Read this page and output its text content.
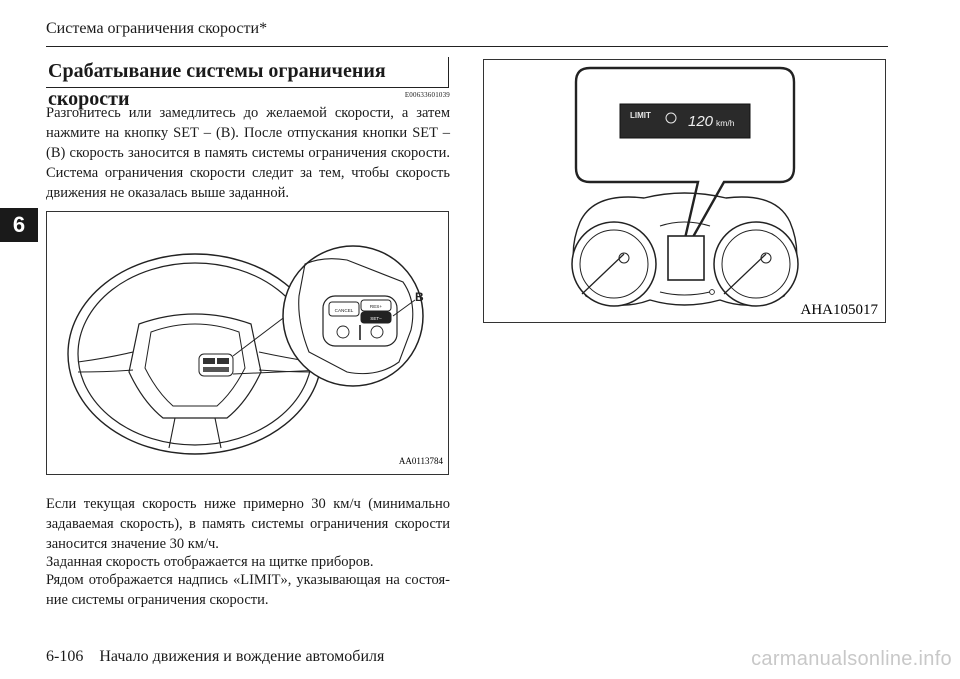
Система ограничения скорости*
6
Срабатывание системы ограничения скорости	E00633601039
Разгонитесь или замедлитесь до желаемой скорости, а затем нажмите на кнопку SET – (B). После отпускания кнопки SET – (B) скорость заносится в память системы ограничения скорости. Система ограничения скорости следит за тем, чтобы скорость движения не оказалась выше заданной.
CANCEL
RES+
SET–
B
AA0113784
LIMIT 120 km/h
AHA105017
Если текущая скорость ниже примерно 30 км/ч (минимально задаваемая скорость), в память системы ограничения скорости заносится значение 30 км/ч.
Заданная скорость отображается на щитке приборов.
Рядом отображается надпись «LIMIT», указывающая на состоя-ние системы ограничения скорости.
6-106 Начало движения и вождение автомобиля	carmanualsonline.info
